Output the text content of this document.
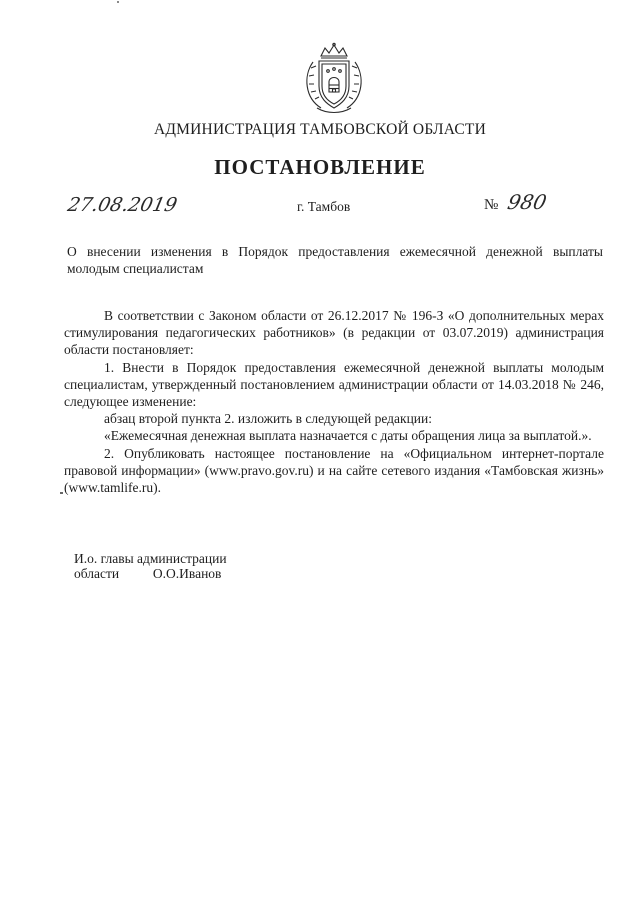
АДМИНИСТРАЦИЯ ТАМБОВСКОЙ ОБЛАСТИ
ПОСТАНОВЛЕНИЕ
27.08.2019	г. Тамбов	№ 980
О внесении изменения в Порядок предоставления ежемесячной денежной выплаты молодым специалистам

В соответствии с Законом области от 26.12.2017 № 196-З «О дополнительных мерах стимулирования педагогических работников» (в редакции от 03.07.2019) администрация области постановляет:

1. Внести в Порядок предоставления ежемесячной денежной выплаты молодым специалистам, утвержденный постановлением администрации области от 14.03.2018 № 246, следующее изменение:

абзац второй пункта 2. изложить в следующей редакции:

«Ежемесячная денежная выплата назначается с даты обращения лица за выплатой.».

2. Опубликовать настоящее постановление на «Официальном интернет-портале правовой информации» (www.pravo.gov.ru) и на сайте сетевого издания «Тамбовская жизнь» (www.tamlife.ru).

И.о. главы администрации
области	О.О.Иванов
